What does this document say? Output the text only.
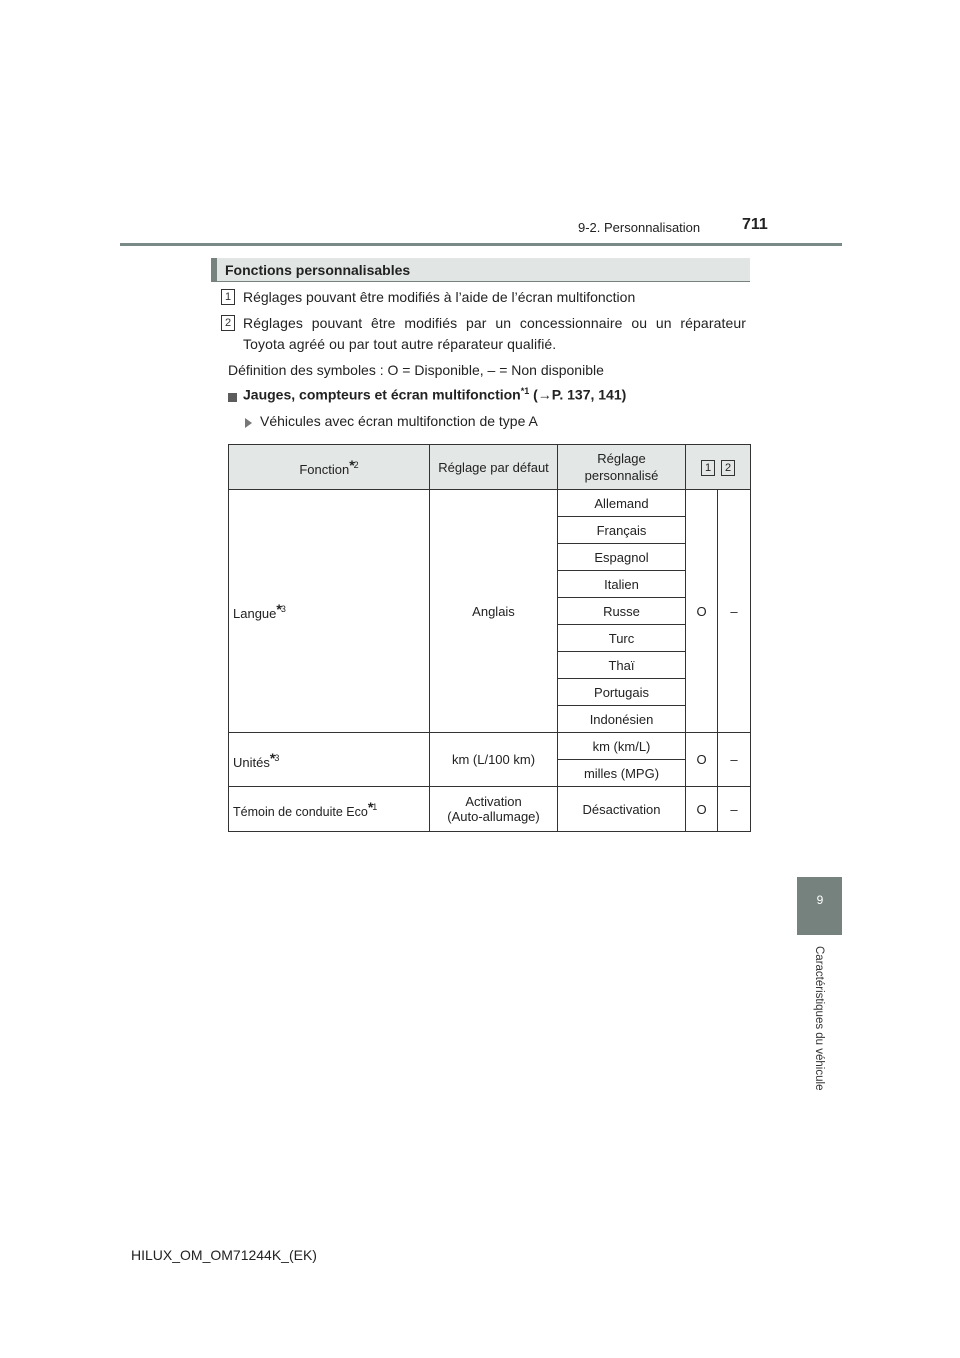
9-2. Personnalisation	711
9
Caractéristiques du véhicule
Fonctions personnalisables
1 Réglages pouvant être modifiés à l’aide de l’écran multifonction
2 Réglages pouvant être modifiés par un concessionnaire ou un réparateur Toyota agréé ou par tout autre réparateur qualifié.
Définition des symboles : O = Disponible, – = Non disponible
Jauges, compteurs et écran multifonction$^{*1}$ (→P. 137, 141)
Véhicules avec écran multifonction de type A
Fonction$^{*2}$	Réglage par défaut	Réglage personnalisé	1 2	
Langue$^{*3}$	Anglais	Allemand	O	–
		Français		
		Espagnol		
		Italien		
		Russe		
		Turc		
		Thaï		
		Portugais		
		Indonésien		
Unités$^{*3}$	km (L/100 km)	km (km/L)	O	–
		milles (MPG)		
Témoin de conduite Eco$^{*1}$	Activation (Auto-allumage)	Désactivation	O	–
HILUX_OM_OM71244K_(EK)
